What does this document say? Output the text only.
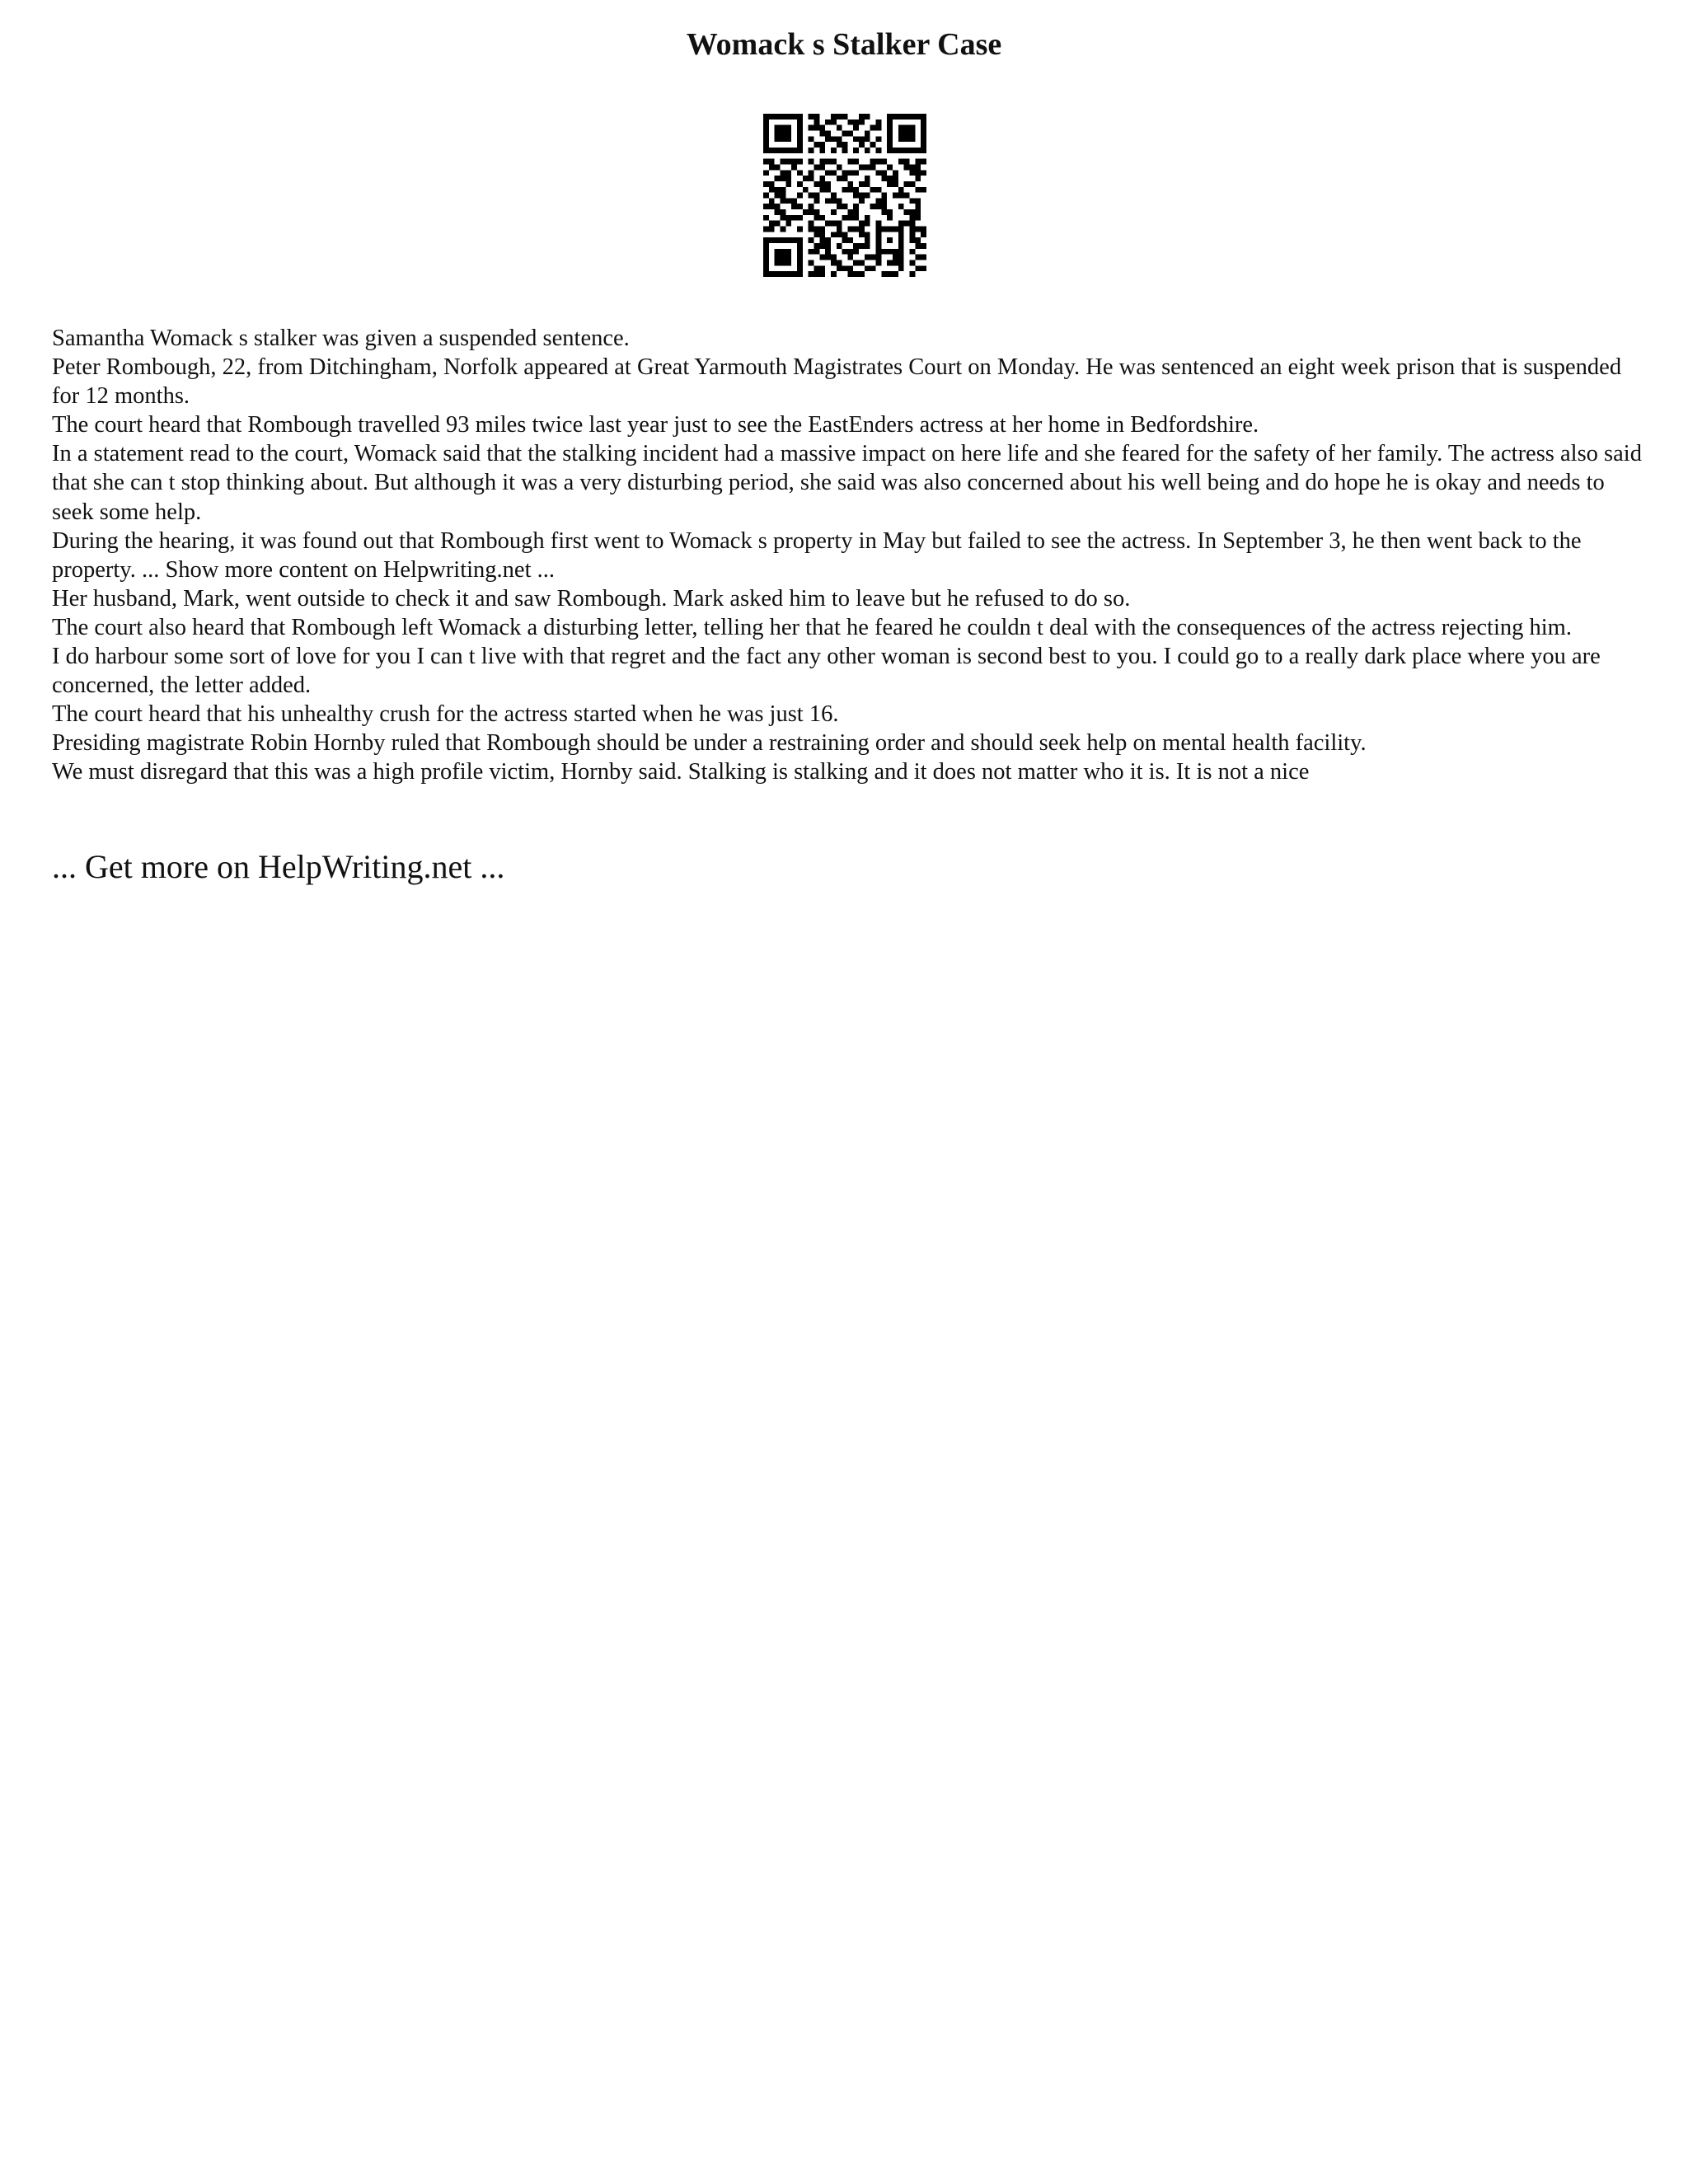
Womack s Stalker Case

Samantha Womack s stalker was given a suspended sentence.

Peter Rombough, 22, from Ditchingham, Norfolk appeared at Great Yarmouth Magistrates Court on Monday. He was sentenced an eight week prison that is suspended for 12 months.

The court heard that Rombough travelled 93 miles twice last year just to see the EastEnders actress at her home in Bedfordshire.

In a statement read to the court, Womack said that the stalking incident had a massive impact on here life and she feared for the safety of her family. The actress also said that she can t stop thinking about. But although it was a very disturbing period, she said was also concerned about his well being and do hope he is okay and needs to seek some help.

During the hearing, it was found out that Rombough first went to Womack s property in May but failed to see the actress. In September 3, he then went back to the property. ... Show more content on Helpwriting.net ...

Her husband, Mark, went outside to check it and saw Rombough. Mark asked him to leave but he refused to do so.

The court also heard that Rombough left Womack a disturbing letter, telling her that he feared he couldn t deal with the consequences of the actress rejecting him.

I do harbour some sort of love for you I can t live with that regret and the fact any other woman is second best to you. I could go to a really dark place where you are concerned, the letter added.

The court heard that his unhealthy crush for the actress started when he was just 16.

Presiding magistrate Robin Hornby ruled that Rombough should be under a restraining order and should seek help on mental health facility.

We must disregard that this was a high profile victim, Hornby said. Stalking is stalking and it does not matter who it is. It is not a nice

... Get more on HelpWriting.net ...
